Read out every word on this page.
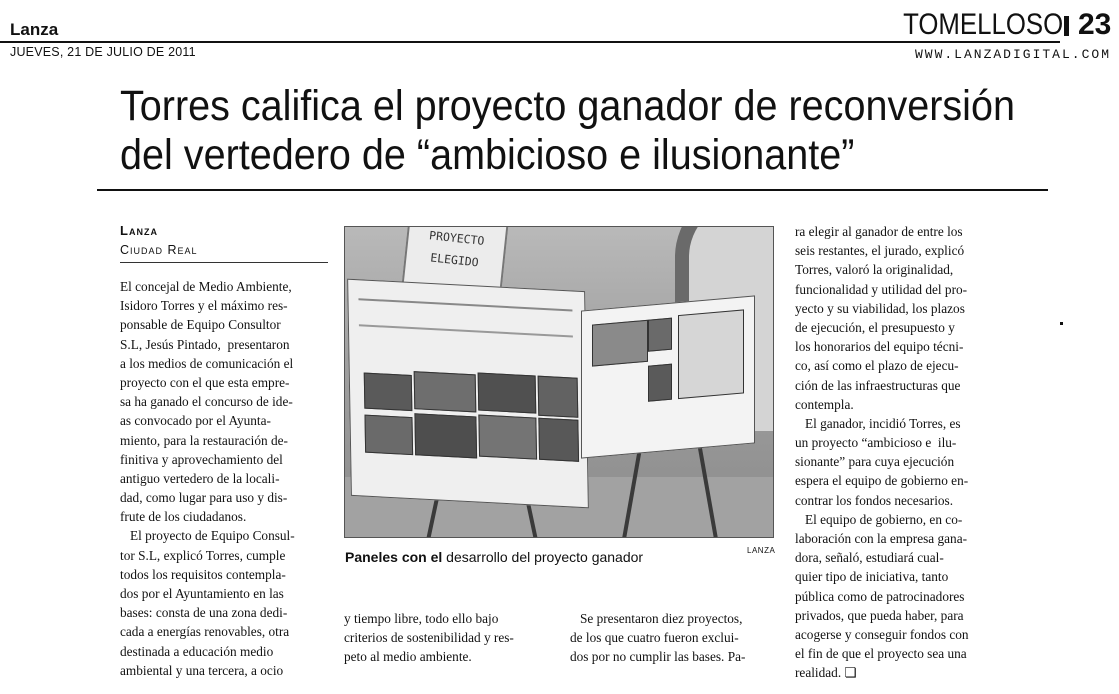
Lanza
JUEVES, 21 DE JULIO DE 2011
TOMELLOSO 23
WWW.LANZADIGITAL.COM
Torres califica el proyecto ganador de reconversión
del vertedero de “ambicioso e ilusionante”
Lanza
Ciudad Real
El concejal de Medio Ambiente,
Isidoro Torres y el máximo res-
ponsable de Equipo Consultor
S.L, Jesús Pintado,  presentaron
a los medios de comunicación el
proyecto con el que esta empre-
sa ha ganado el concurso de ide-
as convocado por el Ayunta-
miento, para la restauración de-
finitiva y aprovechamiento del
antiguo vertedero de la locali-
dad, como lugar para uso y dis-
frute de los ciudadanos.
El proyecto de Equipo Consul-
tor S.L, explicó Torres, cumple
todos los requisitos contempla-
dos por el Ayuntamiento en las
bases: consta de una zona dedi-
cada a energías renovables, otra
destinada a educación medio
ambiental y una tercera, a ocio
PROYECTO
ELEGIDO
Paneles con el desarrollo del proyecto ganador	LANZA
y tiempo libre, todo ello bajo
criterios de sostenibilidad y res-
peto al medio ambiente.
Se presentaron diez proyectos,
de los que cuatro fueron exclui-
dos por no cumplir las bases. Pa-
ra elegir al ganador de entre los
seis restantes, el jurado, explicó
Torres, valoró la originalidad,
funcionalidad y utilidad del pro-
yecto y su viabilidad, los plazos
de ejecución, el presupuesto y
los honorarios del equipo técni-
co, así como el plazo de ejecu-
ción de las infraestructuras que
contempla.
El ganador, incidió Torres, es
un proyecto “ambicioso e  ilu-
sionante” para cuya ejecución
espera el equipo de gobierno en-
contrar los fondos necesarios.
El equipo de gobierno, en co-
laboración con la empresa gana-
dora, señaló, estudiará cual-
quier tipo de iniciativa, tanto
pública como de patrocinadores
privados, que pueda haber, para
acogerse y conseguir fondos con
el fin de que el proyecto sea una
realidad. ❏
